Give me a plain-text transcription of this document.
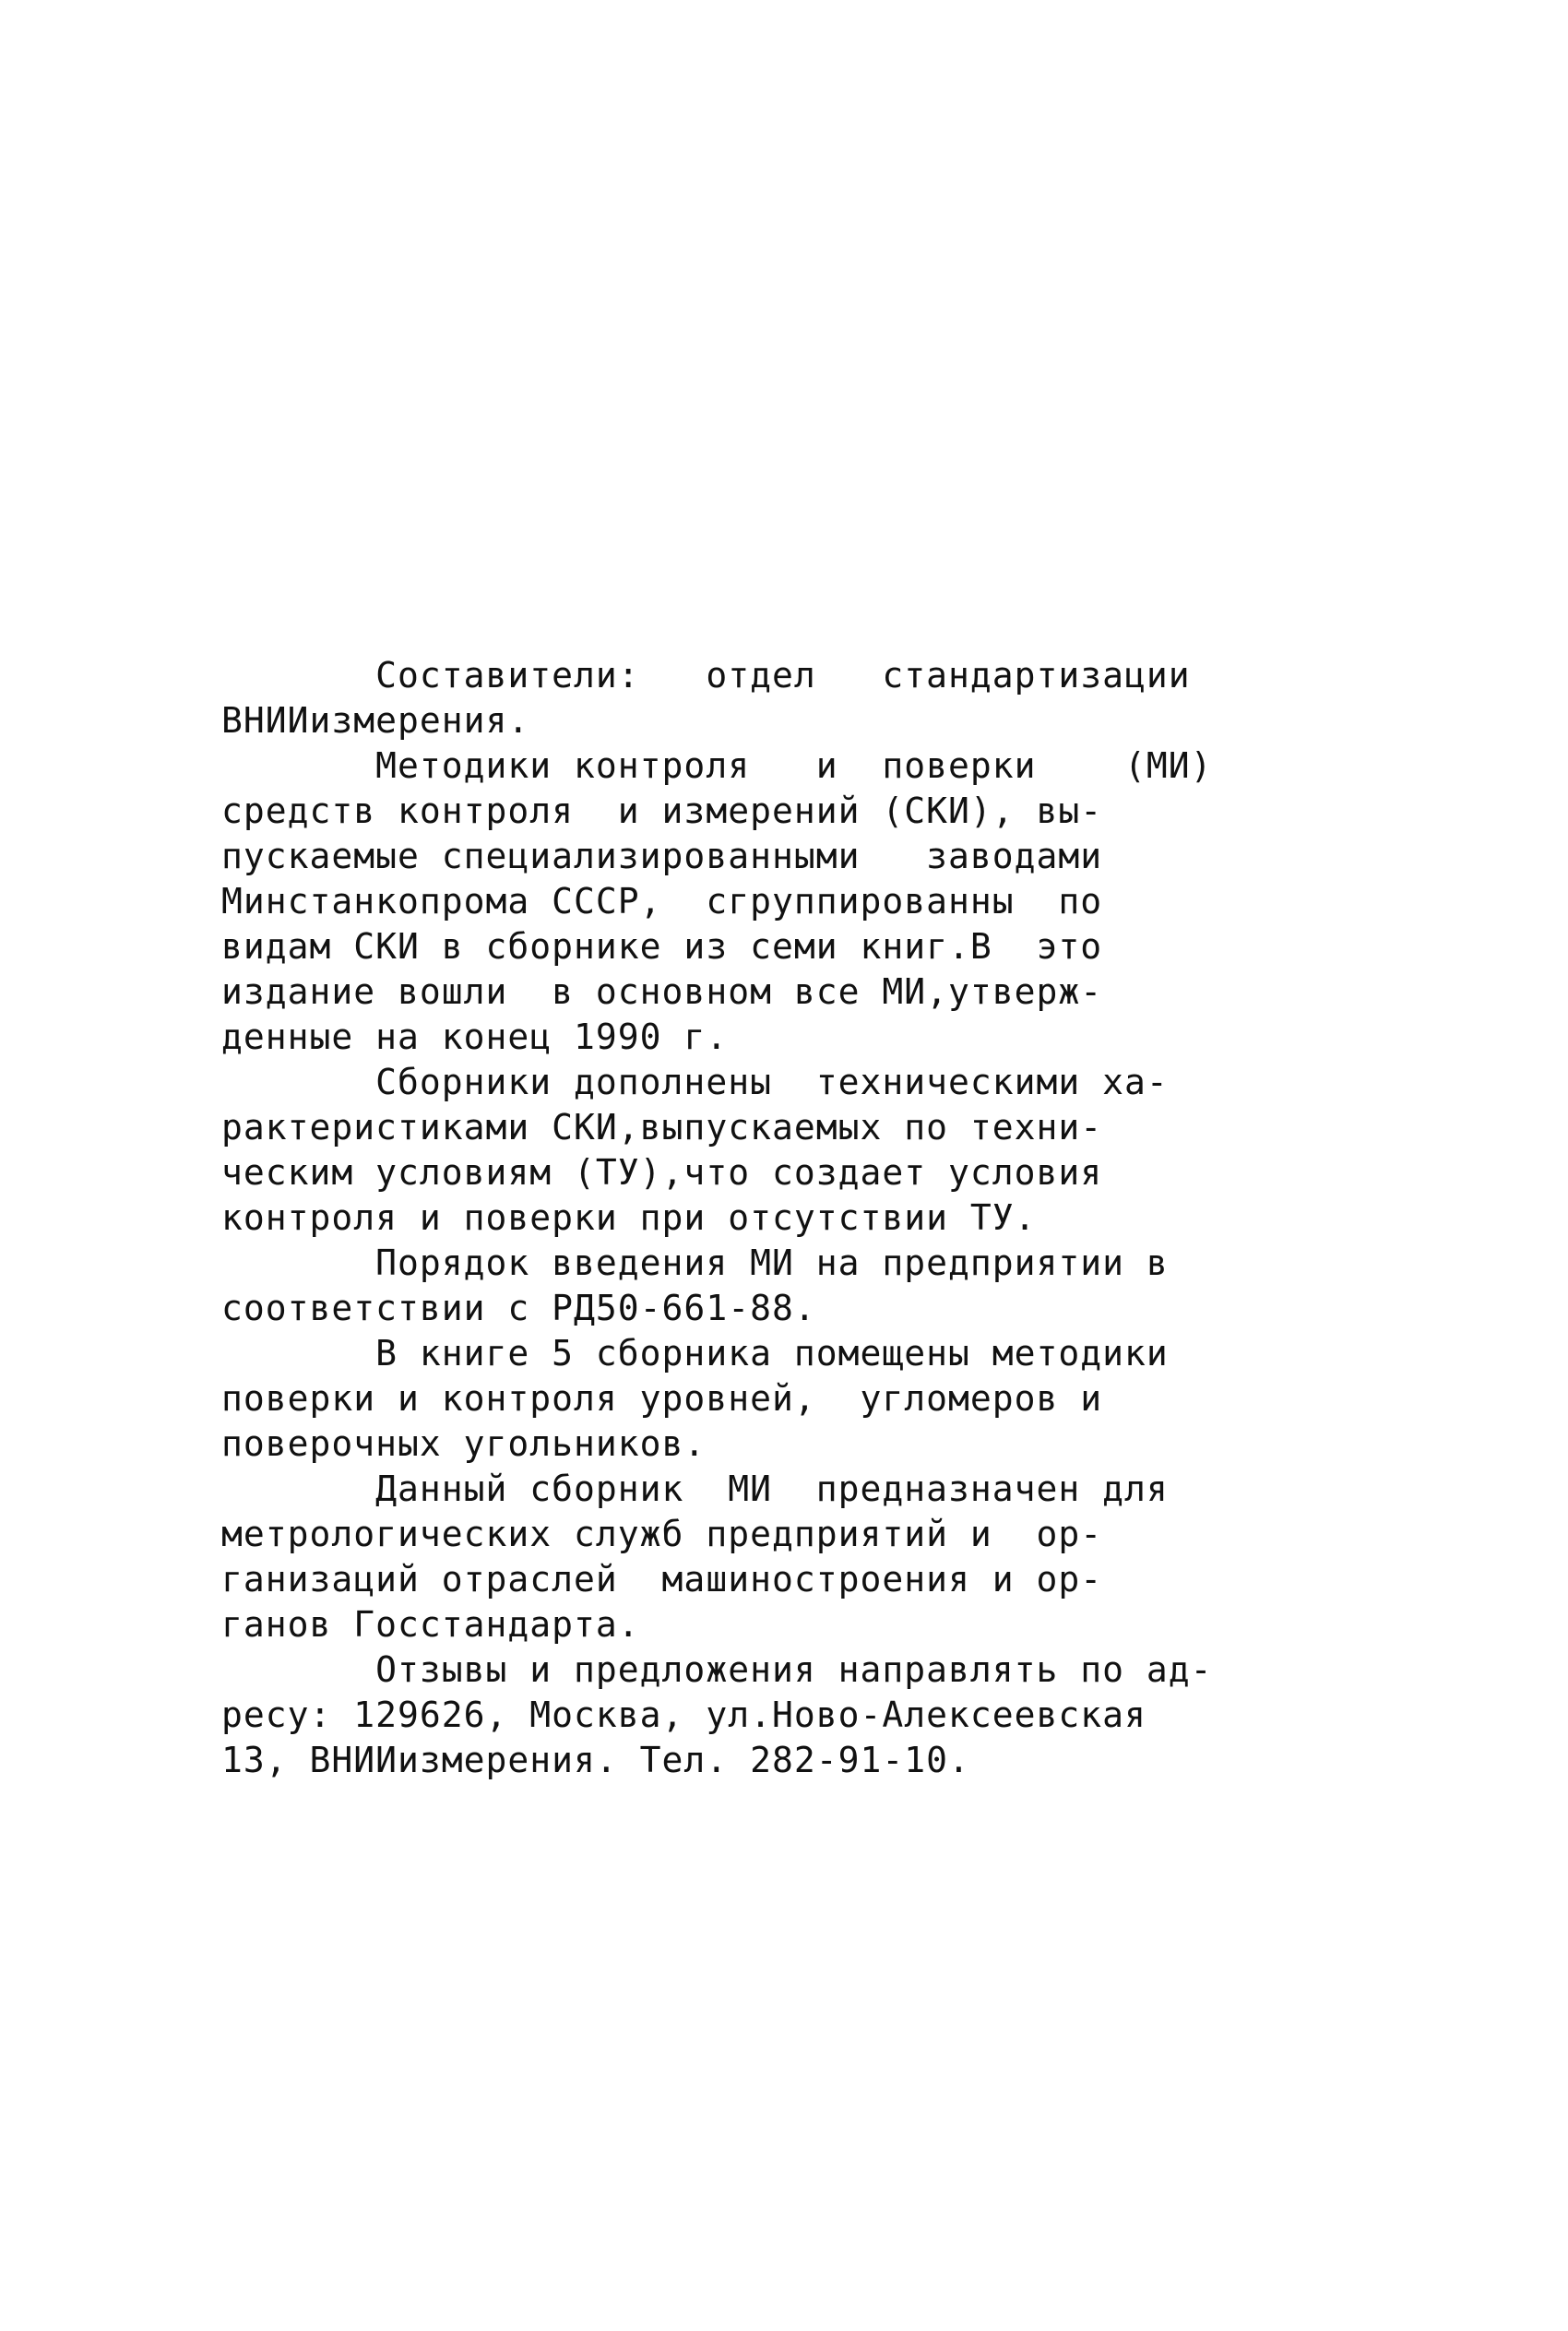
Составители:   отдел   стандартизации
ВНИИизмерения.
Методики контроля   и  поверки    (МИ)
средств контроля  и измерений (СКИ), вы-
пускаемые специализированными   заводами
Минстанкопрома СССР,  сгруппированны  по
видам СКИ в сборнике из семи книг.В  это
издание вошли  в основном все МИ,утверж-
денные на конец 1990 г.
Сборники дополнены  техническими ха-
рактеристиками СКИ,выпускаемых по техни-
ческим условиям (ТУ),что создает условия
контроля и поверки при отсутствии ТУ.
Порядок введения МИ на предприятии в
соответствии с РД50-661-88.
В книге 5 сборника помещены методики
поверки и контроля уровней,  угломеров и
поверочных угольников.
Данный сборник  МИ  предназначен для
метрологических служб предприятий и  ор-
ганизаций отраслей  машиностроения и ор-
ганов Госстандарта.
Отзывы и предложения направлять по ад-
ресу: 129626, Москва, ул.Ново-Алексеевская
13, ВНИИизмерения. Тел. 282-91-10.
